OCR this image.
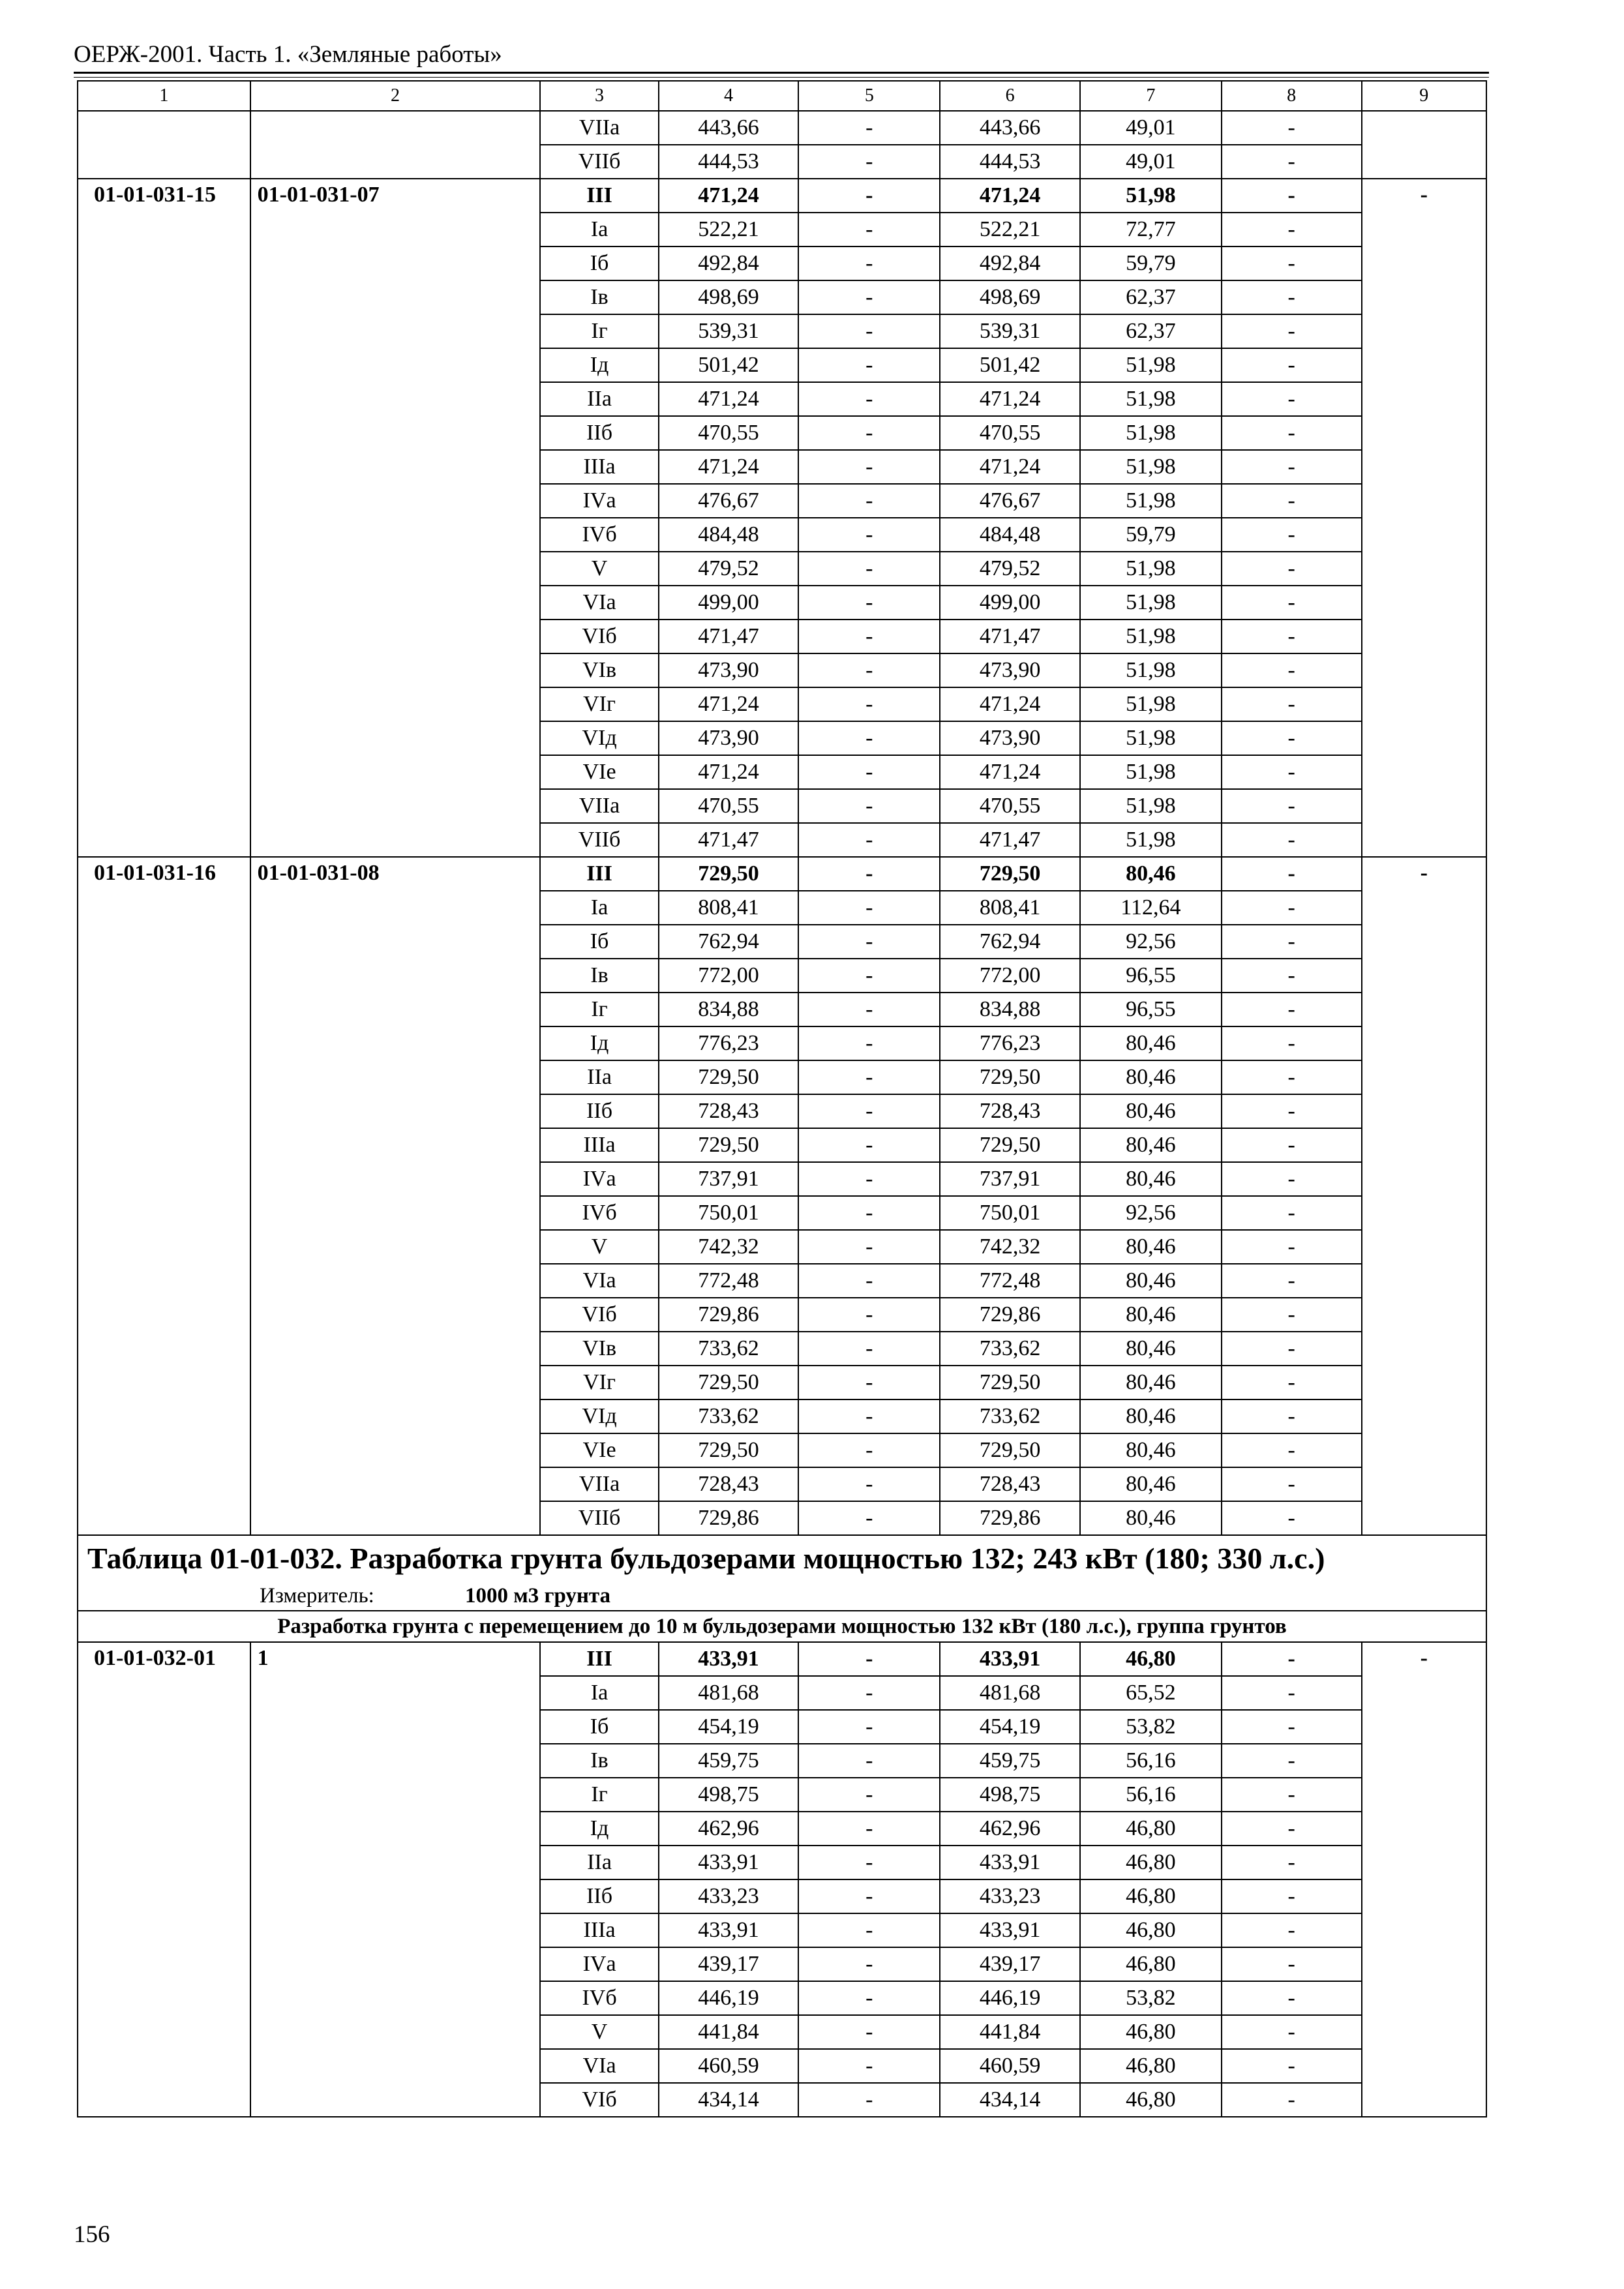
ОЕРЖ-2001. Часть 1. «Земляные работы»
1	2	3	4	5	6	7	8	9
		VIIа	443,66	-	443,66	49,01	-	
		VIIб	444,53	-	444,53	49,01	-	
01-01-031-15	01-01-031-07	III	471,24	-	471,24	51,98	-	-
		Iа	522,21	-	522,21	72,77	-	
		Iб	492,84	-	492,84	59,79	-	
		Iв	498,69	-	498,69	62,37	-	
		Iг	539,31	-	539,31	62,37	-	
		Iд	501,42	-	501,42	51,98	-	
		IIа	471,24	-	471,24	51,98	-	
		IIб	470,55	-	470,55	51,98	-	
		IIIа	471,24	-	471,24	51,98	-	
		IVа	476,67	-	476,67	51,98	-	
		IVб	484,48	-	484,48	59,79	-	
		V	479,52	-	479,52	51,98	-	
		VIа	499,00	-	499,00	51,98	-	
		VIб	471,47	-	471,47	51,98	-	
		VIв	473,90	-	473,90	51,98	-	
		VIг	471,24	-	471,24	51,98	-	
		VIд	473,90	-	473,90	51,98	-	
		VIе	471,24	-	471,24	51,98	-	
		VIIа	470,55	-	470,55	51,98	-	
		VIIб	471,47	-	471,47	51,98	-	
01-01-031-16	01-01-031-08	III	729,50	-	729,50	80,46	-	-
		Iа	808,41	-	808,41	112,64	-	
		Iб	762,94	-	762,94	92,56	-	
		Iв	772,00	-	772,00	96,55	-	
		Iг	834,88	-	834,88	96,55	-	
		Iд	776,23	-	776,23	80,46	-	
		IIа	729,50	-	729,50	80,46	-	
		IIб	728,43	-	728,43	80,46	-	
		IIIа	729,50	-	729,50	80,46	-	
		IVа	737,91	-	737,91	80,46	-	
		IVб	750,01	-	750,01	92,56	-	
		V	742,32	-	742,32	80,46	-	
		VIа	772,48	-	772,48	80,46	-	
		VIб	729,86	-	729,86	80,46	-	
		VIв	733,62	-	733,62	80,46	-	
		VIг	729,50	-	729,50	80,46	-	
		VIд	733,62	-	733,62	80,46	-	
		VIе	729,50	-	729,50	80,46	-	
		VIIа	728,43	-	728,43	80,46	-	
		VIIб	729,86	-	729,86	80,46	-	
Таблица 01-01-032. Разработка грунта бульдозерами мощностью 132; 243 кВт (180; 330 л.с.)								
Измеритель: 1000 м3 грунта								
Разработка грунта с перемещением до 10 м бульдозерами мощностью 132 кВт (180 л.с.), группа грунтов								
01-01-032-01	1	III	433,91	-	433,91	46,80	-	-
		Iа	481,68	-	481,68	65,52	-	
		Iб	454,19	-	454,19	53,82	-	
		Iв	459,75	-	459,75	56,16	-	
		Iг	498,75	-	498,75	56,16	-	
		Iд	462,96	-	462,96	46,80	-	
		IIа	433,91	-	433,91	46,80	-	
		IIб	433,23	-	433,23	46,80	-	
		IIIа	433,91	-	433,91	46,80	-	
		IVа	439,17	-	439,17	46,80	-	
		IVб	446,19	-	446,19	53,82	-	
		V	441,84	-	441,84	46,80	-	
		VIа	460,59	-	460,59	46,80	-	
		VIб	434,14	-	434,14	46,80	-	
156
